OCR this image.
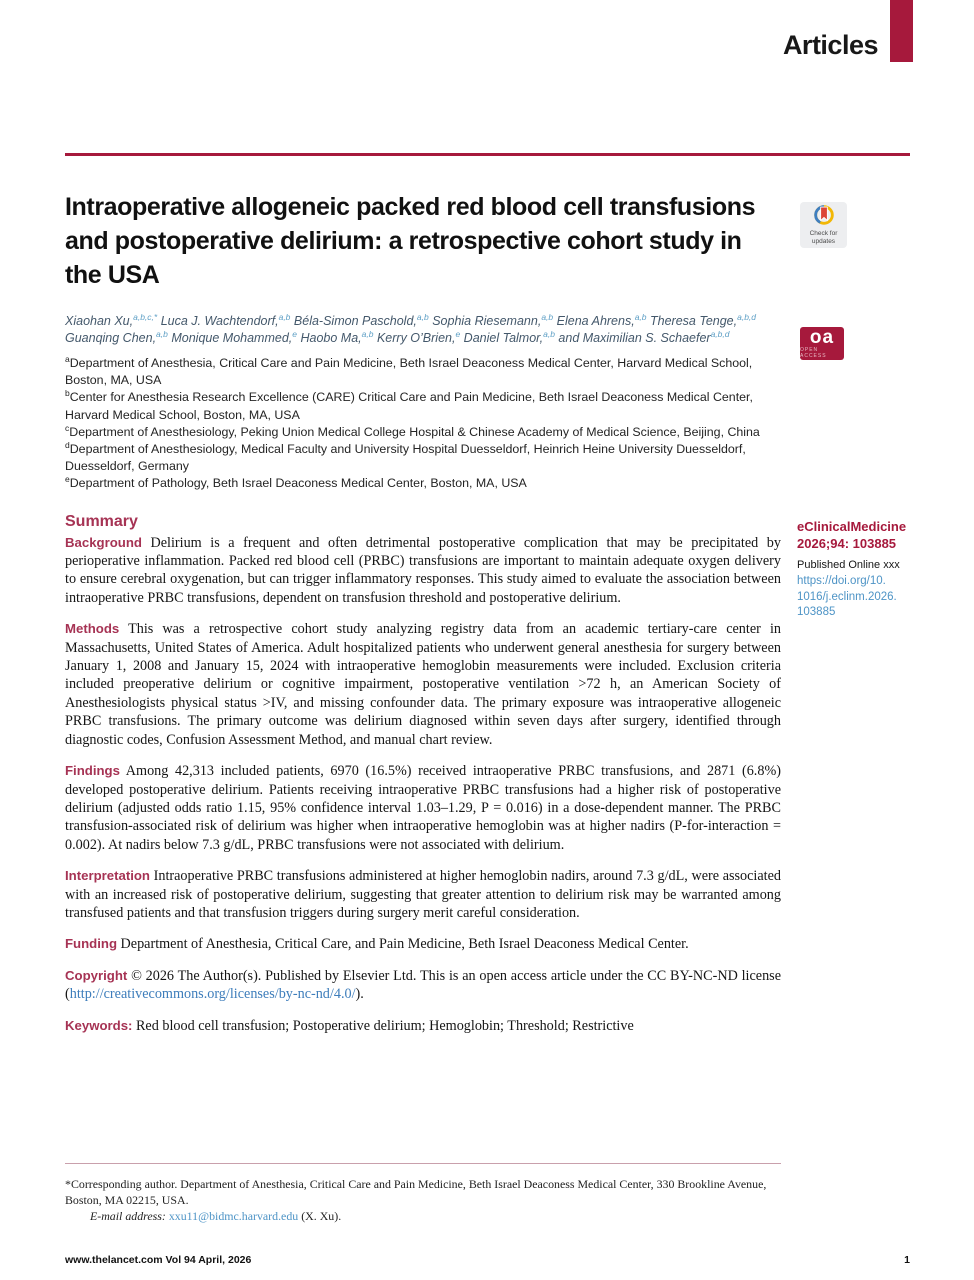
Articles
Check for
updates
oa
OPEN ACCESS
eClinicalMedicine
2026;94: 103885
Published Online xxx
https://doi.org/10.
1016/j.eclinm.2026.
103885
Intraoperative allogeneic packed red blood cell transfusions and postoperative delirium: a retrospective cohort study in the USA
Xiaohan Xu,$^{a,b,c,*}$ Luca J. Wachtendorf,$^{a,b}$ Béla-Simon Paschold,$^{a,b}$ Sophia Riesemann,$^{a,b}$ Elena Ahrens,$^{a,b}$ Theresa Tenge,$^{a,b,d}$ Guanqing Chen,$^{a,b}$ Monique Mohammed,$^e$ Haobo Ma,$^{a,b}$ Kerry O’Brien,$^e$ Daniel Talmor,$^{a,b}$ and Maximilian S. Schaefer$^{a,b,d}$
$^a$Department of Anesthesia, Critical Care and Pain Medicine, Beth Israel Deaconess Medical Center, Harvard Medical School, Boston, MA, USA
$^b$Center for Anesthesia Research Excellence (CARE) Critical Care and Pain Medicine, Beth Israel Deaconess Medical Center, Harvard Medical School, Boston, MA, USA
$^c$Department of Anesthesiology, Peking Union Medical College Hospital & Chinese Academy of Medical Science, Beijing, China
$^d$Department of Anesthesiology, Medical Faculty and University Hospital Duesseldorf, Heinrich Heine University Duesseldorf, Duesseldorf, Germany
$^e$Department of Pathology, Beth Israel Deaconess Medical Center, Boston, MA, USA
Summary

Background Delirium is a frequent and often detrimental postoperative complication that may be precipitated by perioperative inflammation. Packed red blood cell (PRBC) transfusions are important to maintain adequate oxygen delivery to ensure cerebral oxygenation, but can trigger inflammatory responses. This study aimed to evaluate the association between intraoperative PRBC transfusions, dependent on transfusion threshold and postoperative delirium.

Methods This was a retrospective cohort study analyzing registry data from an academic tertiary-care center in Massachusetts, United States of America. Adult hospitalized patients who underwent general anesthesia for surgery between January 1, 2008 and January 15, 2024 with intraoperative hemoglobin measurements were included. Exclusion criteria included preoperative delirium or cognitive impairment, postoperative ventilation >72 h, an American Society of Anesthesiologists physical status >IV, and missing confounder data. The primary exposure was intraoperative allogeneic PRBC transfusions. The primary outcome was delirium diagnosed within seven days after surgery, identified through diagnostic codes, Confusion Assessment Method, and manual chart review.

Findings Among 42,313 included patients, 6970 (16.5%) received intraoperative PRBC transfusions, and 2871 (6.8%) developed postoperative delirium. Patients receiving intraoperative PRBC transfusions had a higher risk of postoperative delirium (adjusted odds ratio 1.15, 95% confidence interval 1.03–1.29, P = 0.016) in a dose-dependent manner. The PRBC transfusion-associated risk of delirium was higher when intraoperative hemoglobin was at higher nadirs (P-for-interaction = 0.002). At nadirs below 7.3 g/dL, PRBC transfusions were not associated with delirium.

Interpretation Intraoperative PRBC transfusions administered at higher hemoglobin nadirs, around 7.3 g/dL, were associated with an increased risk of postoperative delirium, suggesting that greater attention to delirium risk may be warranted among transfused patients and that transfusion triggers during surgery merit careful consideration.

Funding Department of Anesthesia, Critical Care, and Pain Medicine, Beth Israel Deaconess Medical Center.

Copyright © 2026 The Author(s). Published by Elsevier Ltd. This is an open access article under the CC BY-NC-ND license (http://creativecommons.org/licenses/by-nc-nd/4.0/).

Keywords: Red blood cell transfusion; Postoperative delirium; Hemoglobin; Threshold; Restrictive

*Corresponding author. Department of Anesthesia, Critical Care and Pain Medicine, Beth Israel Deaconess Medical Center, 330 Brookline Avenue, Boston, MA 02215, USA.
E-mail address: xxu11@bidmc.harvard.edu (X. Xu).
www.thelancet.com Vol 94 April, 2026	1
